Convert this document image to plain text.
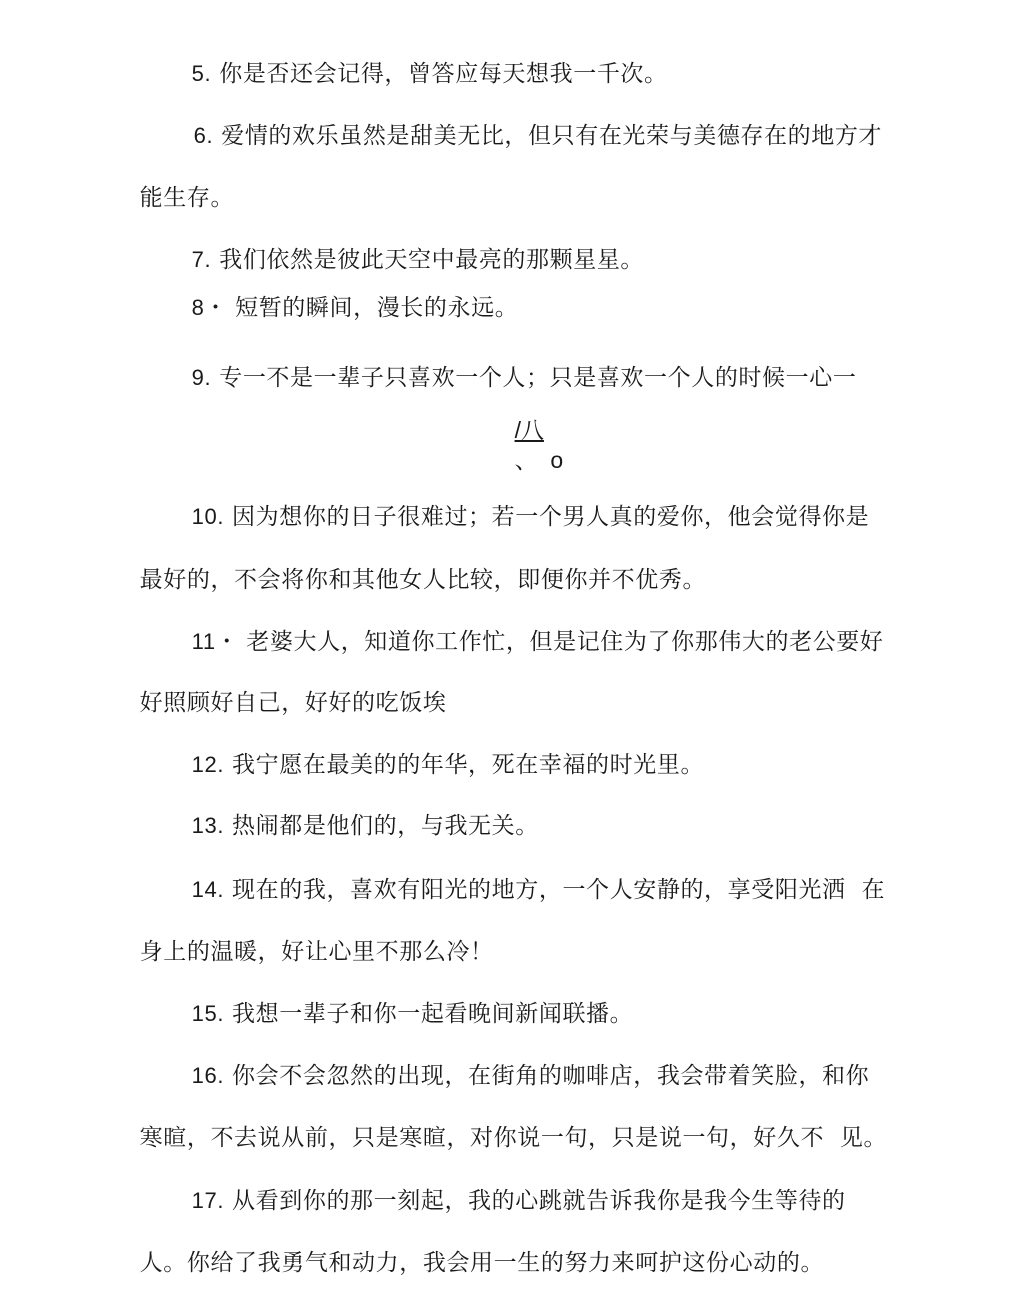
5. 你是否还会记得，曾答应每天想我一千次。

6. 爱情的欢乐虽然是甜美无比，但只有在光荣与美德存在的地方才

能生存。

7. 我们依然是彼此天空中最亮的那颗星星。

8・ 短暂的瞬间，漫长的永远。

9. 专一不是一辈子只喜欢一个人；只是喜欢一个人的时候一心一

/八

、  o

10. 因为想你的日子很难过；若一个男人真的爱你，他会觉得你是

最好的，不会将你和其他女人比较，即便你并不优秀。

11・ 老婆大人，知道你工作忙，但是记住为了你那伟大的老公要好

好照顾好自己，好好的吃饭埃

12. 我宁愿在最美的的年华，死在幸福的时光里。

13. 热闹都是他们的，与我无关。

14. 现在的我，喜欢有阳光的地方，一个人安静的，享受阳光洒  在

身上的温暖，好让心里不那么冷！

15. 我想一辈子和你一起看晚间新闻联播。

16. 你会不会忽然的出现，在街角的咖啡店，我会带着笑脸，和你

寒暄，不去说从前，只是寒暄，对你说一句，只是说一句，好久不  见。

17. 从看到你的那一刻起，我的心跳就告诉我你是我今生等待的

人。你给了我勇气和动力，我会用一生的努力来呵护这份心动的。
